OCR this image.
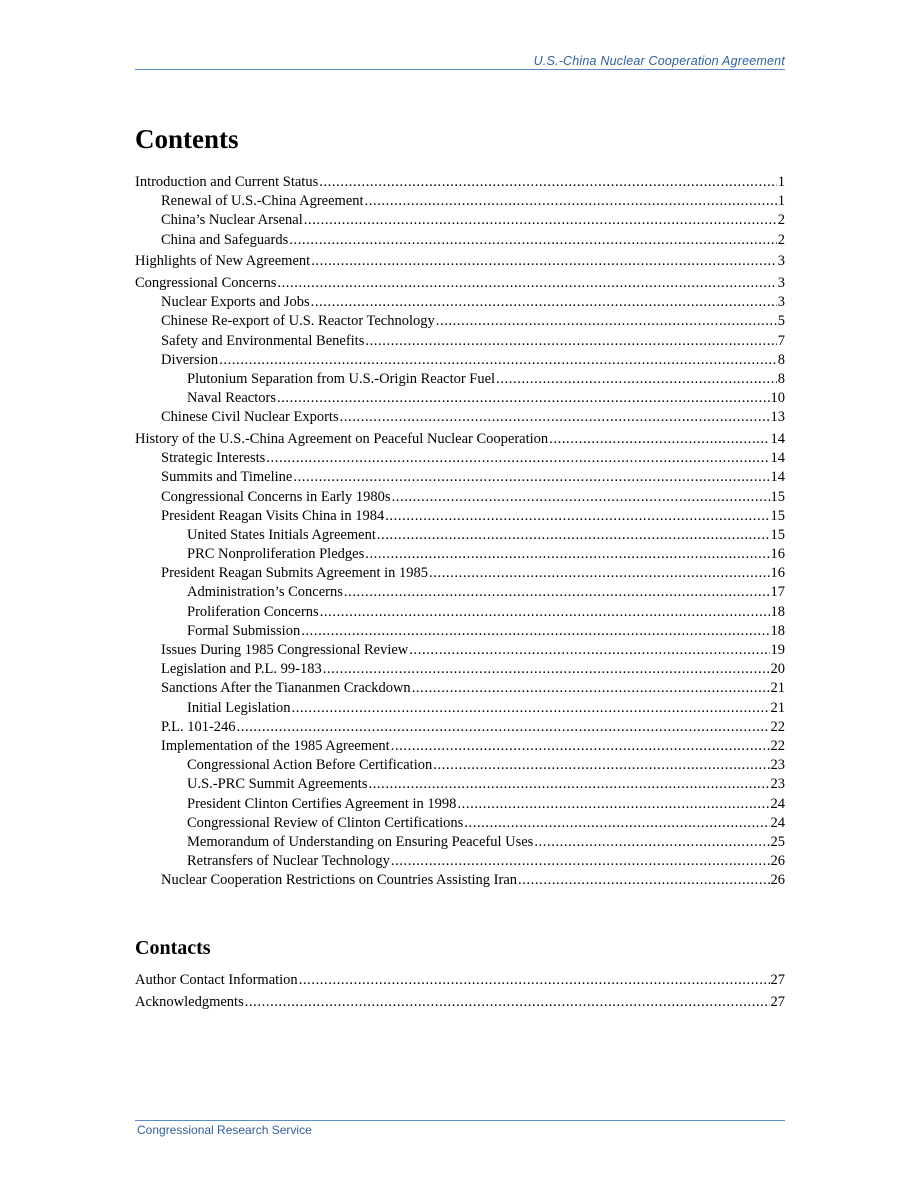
U.S.-China Nuclear Cooperation Agreement
Contents
Introduction and Current Status .....	1
Renewal of U.S.-China Agreement .....	1
China’s Nuclear Arsenal .....	2
China and Safeguards .....	2
Highlights of New Agreement .....	3
Congressional Concerns .....	3
Nuclear Exports and Jobs .....	3
Chinese Re-export of U.S. Reactor Technology .....	5
Safety and Environmental Benefits .....	7
Diversion .....	8
Plutonium Separation from U.S.-Origin Reactor Fuel .....	8
Naval Reactors .....	10
Chinese Civil Nuclear Exports .....	13
History of the U.S.-China Agreement on Peaceful Nuclear Cooperation .....	14
Strategic Interests .....	14
Summits and Timeline .....	14
Congressional Concerns in Early 1980s .....	15
President Reagan Visits China in 1984 .....	15
United States Initials Agreement .....	15
PRC Nonproliferation Pledges .....	16
President Reagan Submits Agreement in 1985 .....	16
Administration’s Concerns .....	17
Proliferation Concerns .....	18
Formal Submission .....	18
Issues During 1985 Congressional Review .....	19
Legislation and P.L. 99-183 .....	20
Sanctions After the Tiananmen Crackdown .....	21
Initial Legislation .....	21
P.L. 101-246 .....	22
Implementation of the 1985 Agreement .....	22
Congressional Action Before Certification .....	23
U.S.-PRC Summit Agreements .....	23
President Clinton Certifies Agreement in 1998 .....	24
Congressional Review of Clinton Certifications .....	24
Memorandum of Understanding on Ensuring Peaceful Uses .....	25
Retransfers of Nuclear Technology .....	26
Nuclear Cooperation Restrictions on Countries Assisting Iran .....	26
Contacts
Author Contact Information .....	27
Acknowledgments .....	27
Congressional Research Service
